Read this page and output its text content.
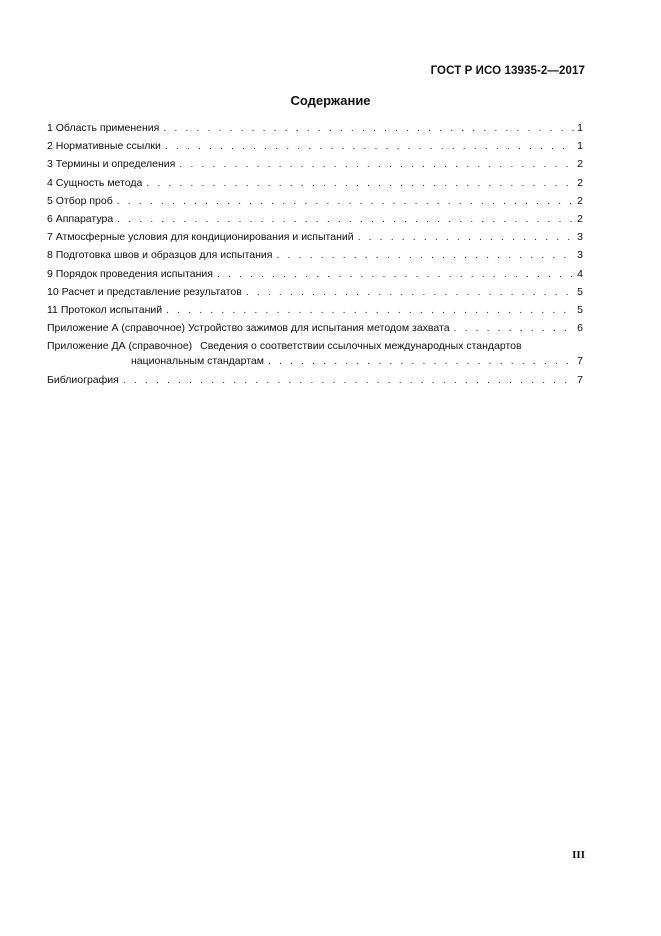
ГОСТ Р ИСО 13935-2—2017
Содержание
1 Область применения . . .	1
2 Нормативные ссылки . . .	1
3 Термины и определения . . .	2
4 Сущность метода . . .	2
5 Отбор проб . . .	2
6 Аппаратура . . .	2
7 Атмосферные условия для кондиционирования и испытаний . . .	3
8 Подготовка швов и образцов для испытания . . .	3
9 Порядок проведения испытания . . .	4
10 Расчет и представление результатов . . .	5
11 Протокол испытаний . . .	5
Приложение А (справочное) Устройство зажимов для испытания методом захвата . . .	6
Приложение ДА (справочное) Сведения о соответствии ссылочных международных стандартов
национальным стандартам . . .	7
Библиография . . .	7
III
